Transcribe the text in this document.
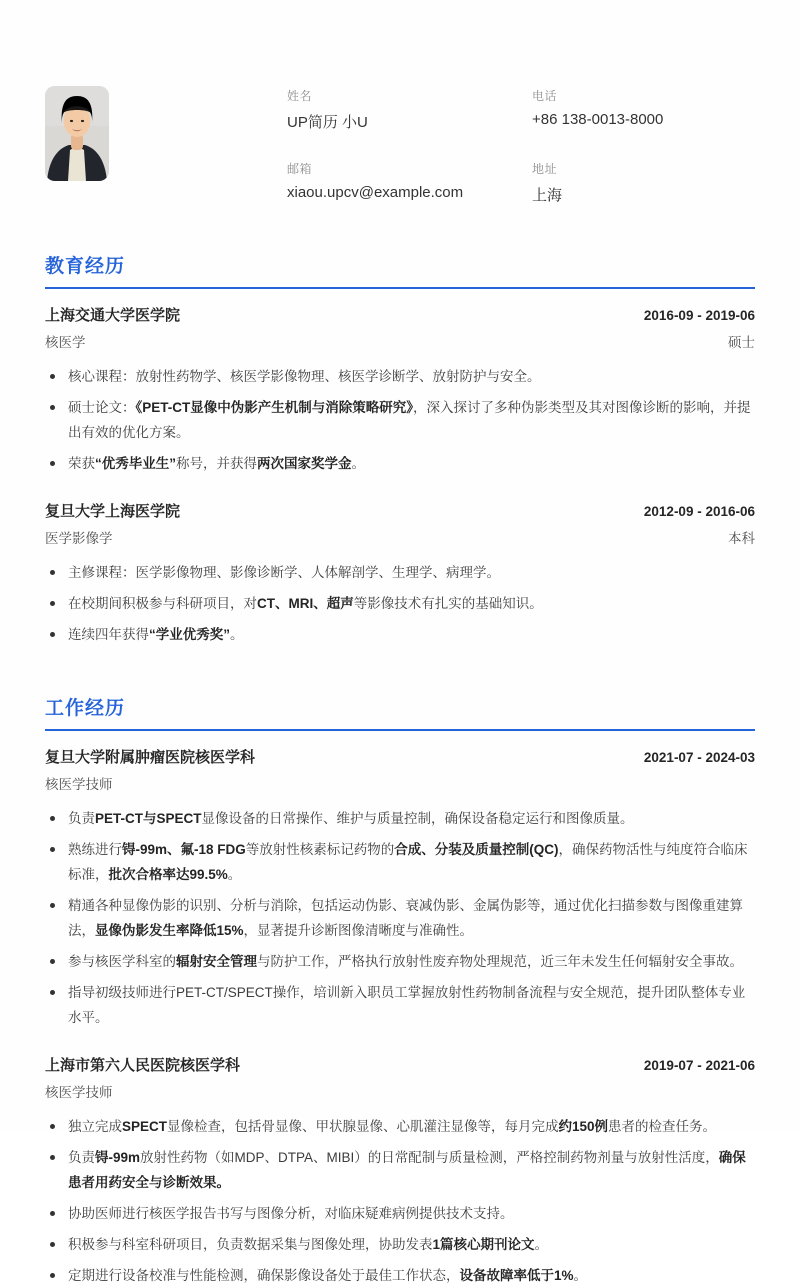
姓名
UP简历 小U
电话
+86 138-0013-8000
邮箱
xiaou.upcv@example.com
地址
上海
教育经历
上海交通大学医学院	2016-09 - 2019-06
核医学	硕士
核心课程：放射性药物学、核医学影像物理、核医学诊断学、放射防护与安全。
硕士论文：《PET-CT显像中伪影产生机制与消除策略研究》，深入探讨了多种伪影类型及其对图像诊断的影响，并提出有效的优化方案。
荣获“优秀毕业生”称号，并获得两次国家奖学金。
复旦大学上海医学院	2012-09 - 2016-06
医学影像学	本科
主修课程：医学影像物理、影像诊断学、人体解剖学、生理学、病理学。
在校期间积极参与科研项目，对CT、MRI、超声等影像技术有扎实的基础知识。
连续四年获得“学业优秀奖”。
工作经历
复旦大学附属肿瘤医院核医学科	2021-07 - 2024-03
核医学技师
负责PET-CT与SPECT显像设备的日常操作、维护与质量控制，确保设备稳定运行和图像质量。
熟练进行锝-99m、氟-18 FDG等放射性核素标记药物的合成、分装及质量控制(QC)，确保药物活性与纯度符合临床标准，批次合格率达99.5%。
精通各种显像伪影的识别、分析与消除，包括运动伪影、衰减伪影、金属伪影等，通过优化扫描参数与图像重建算法，显像伪影发生率降低15%，显著提升诊断图像清晰度与准确性。
参与核医学科室的辐射安全管理与防护工作，严格执行放射性废弃物处理规范，近三年未发生任何辐射安全事故。
指导初级技师进行PET-CT/SPECT操作，培训新入职员工掌握放射性药物制备流程与安全规范，提升团队整体专业水平。
上海市第六人民医院核医学科	2019-07 - 2021-06
核医学技师
独立完成SPECT显像检查，包括骨显像、甲状腺显像、心肌灌注显像等，每月完成约150例患者的检查任务。
负责锝-99m放射性药物（如MDP、DTPA、MIBI）的日常配制与质量检测，严格控制药物剂量与放射性活度，确保患者用药安全与诊断效果。
协助医师进行核医学报告书写与图像分析，对临床疑难病例提供技术支持。
积极参与科室科研项目，负责数据采集与图像处理，协助发表1篇核心期刊论文。
定期进行设备校准与性能检测，确保影像设备处于最佳工作状态，设备故障率低于1%。
